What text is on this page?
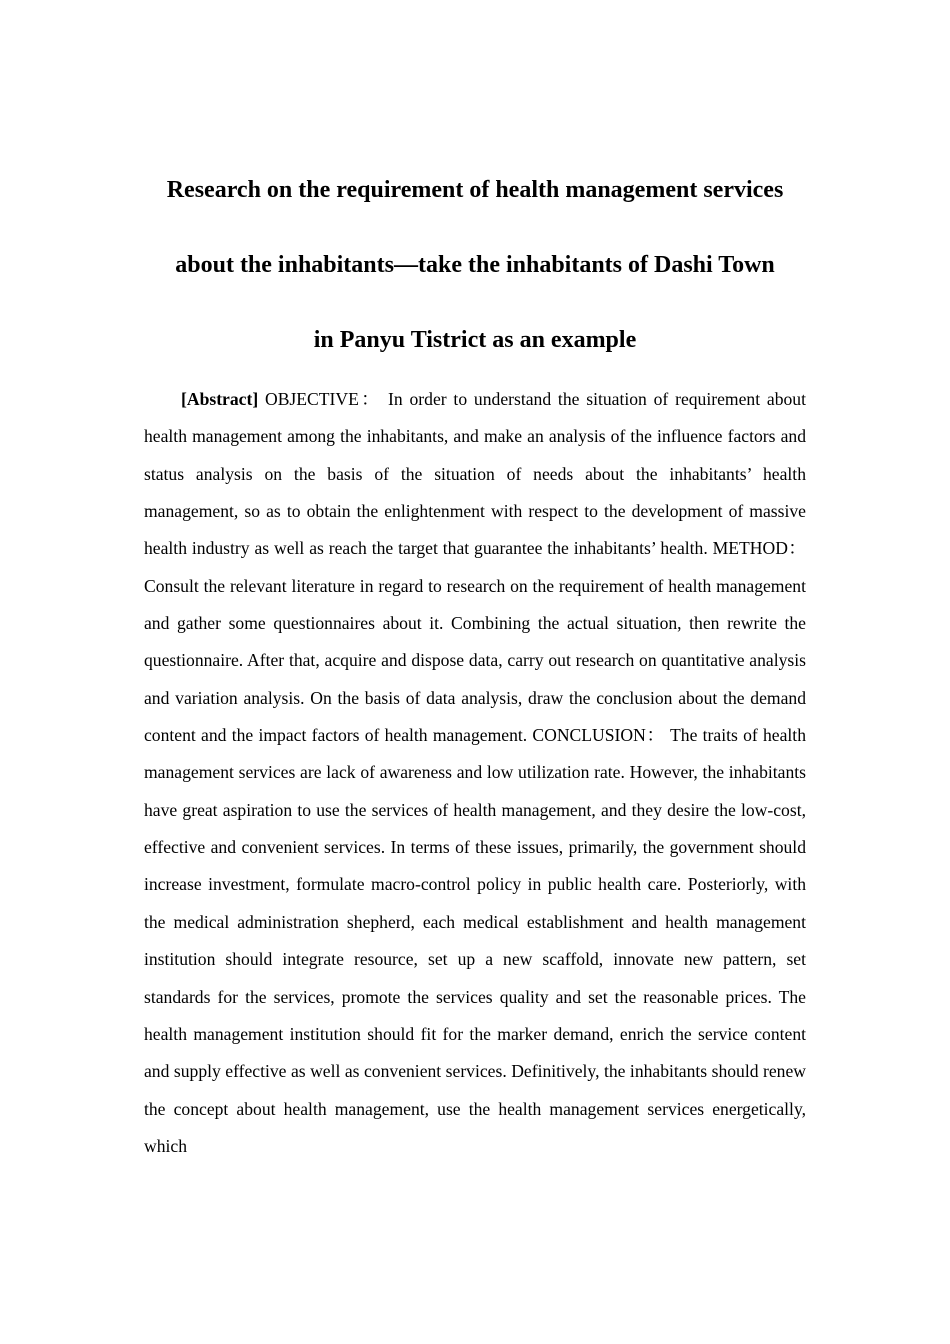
Research on the requirement of health management services
about the inhabitants—take the inhabitants of Dashi Town
in Panyu Tistrict as an example

[Abstract] OBJECTIVE： In order to understand the situation of requirement about health management among the inhabitants, and make an analysis of the influence factors and status analysis on the basis of the situation of needs about the inhabitants’ health management, so as to obtain the enlightenment with respect to the development of massive health industry as well as reach the target that guarantee the inhabitants’ health. METHOD：Consult the relevant literature in regard to research on the requirement of health management and gather some questionnaires about it. Combining the actual situation, then rewrite the questionnaire. After that, acquire and dispose data, carry out research on quantitative analysis and variation analysis. On the basis of data analysis, draw the conclusion about the demand content and the impact factors of health management. CONCLUSION： The traits of health management services are lack of awareness and low utilization rate. However, the inhabitants have great aspiration to use the services of health management, and they desire the low-cost, effective and convenient services. In terms of these issues, primarily, the government should increase investment, formulate macro-control policy in public health care. Posteriorly, with the medical administration shepherd, each medical establishment and health management institution should integrate resource, set up a new scaffold, innovate new pattern, set standards for the services, promote the services quality and set the reasonable prices. The health management institution should fit for the marker demand, enrich the service content and supply effective as well as convenient services. Definitively, the inhabitants should renew the concept about health management, use the health management services energetically, which
